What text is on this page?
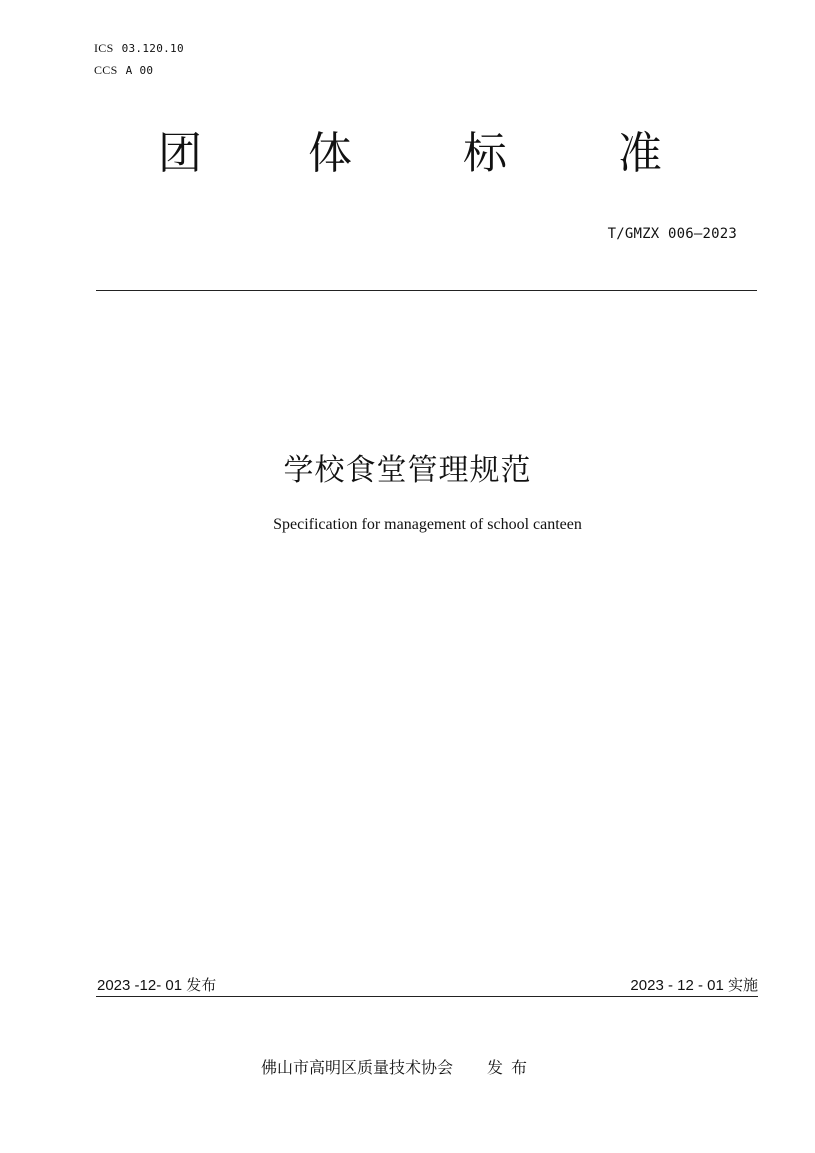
ICS 03.120.10
CCS A 00
团 体	标	准
T/GMZX 006—2023
学校食堂管理规范
Specification for management of school canteen
2023 -12- 01 发布	2023 - 12 - 01 实施
佛山市高明区质量技术协会 发布
